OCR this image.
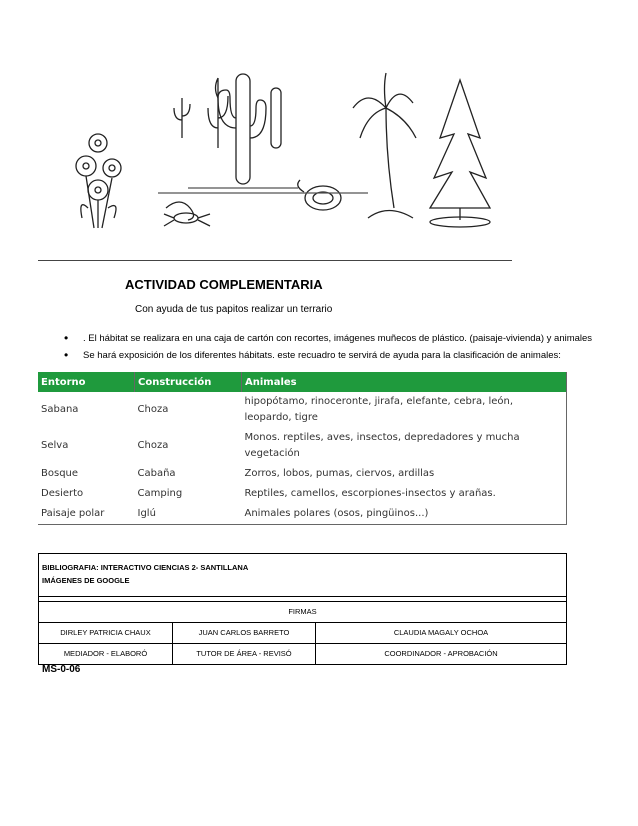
ACTIVIDAD COMPLEMENTARIA
Con ayuda de tus papitos realizar un terrario
• . El hábitat se realizara en una caja de cartón con recortes, imágenes muñecos de plástico. (paisaje-vivienda) y animales
• Se hará exposición de los diferentes hábitats. este recuadro te servirá de ayuda para la clasificación de animales:
Entorno	Construcción	Animales
Sabana	Choza	hipopótamo, rinoceronte, jirafa, elefante, cebra, león, leopardo, tigre
Selva	Choza	Monos. reptiles, aves, insectos, depredadores y mucha vegetación
Bosque	Cabaña	Zorros, lobos, pumas, ciervos, ardillas
Desierto	Camping	Reptiles, camellos, escorpiones-insectos y arañas.
Paisaje polar	Iglú	Animales polares (osos, pingüinos...)
BIBLIOGRAFIA: INTERACTIVO CIENCIAS 2- SANTILLANA
IMÁGENES DE GOOGLE
FIRMAS
DIRLEY PATRICIA CHAUX	JUAN CARLOS BARRETO	CLAUDIA MAGALY OCHOA
MEDIADOR - ELABORÓ	TUTOR DE ÁREA - REVISÓ	COORDINADOR - APROBACIÓN
MS-0-06
